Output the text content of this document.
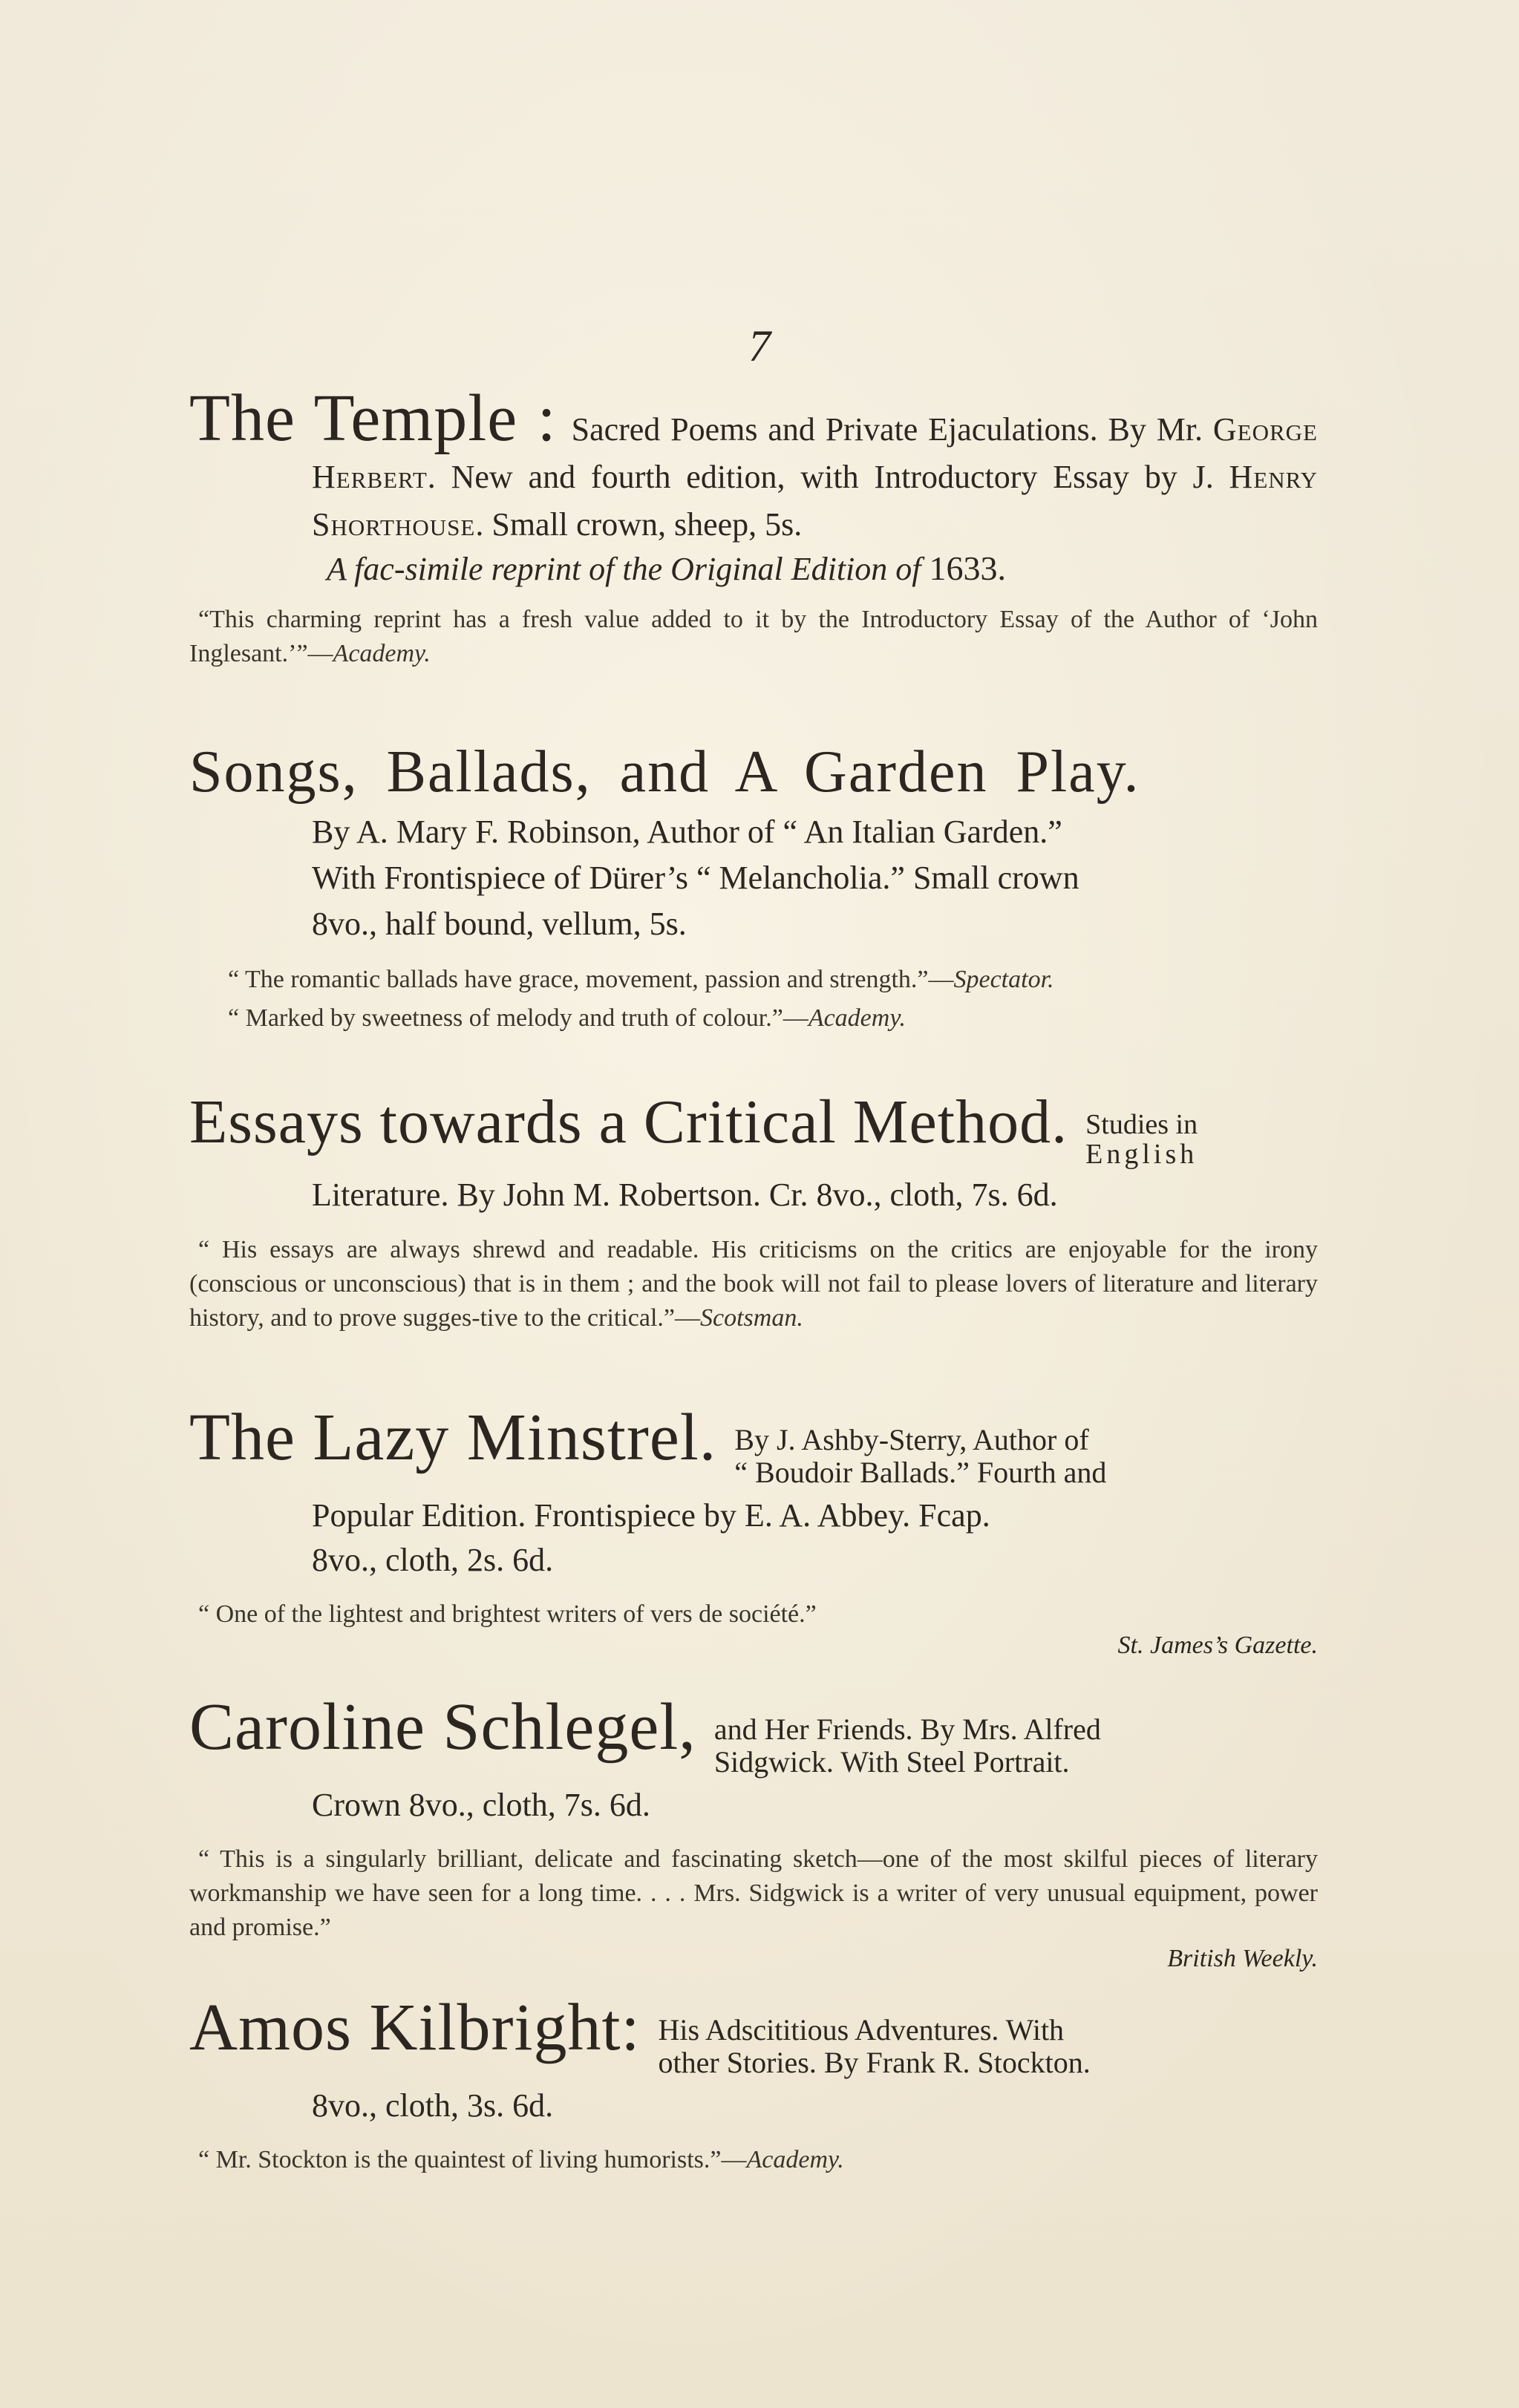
7
The Temple : Sacred Poems and Private Ejaculations. By Mr. George Herbert. New and fourth edition, with Introductory Essay by J. Henry Shorthouse. Small crown, sheep, 5s.
A fac-simile reprint of the Original Edition of 1633.

“This charming reprint has a fresh value added to it by the Introductory Essay of the Author of ‘John Inglesant.’”—Academy.

Songs, Ballads, and A Garden Play.
By A. Mary F. Robinson, Author of “ An Italian Garden.”
With Frontispiece of Dürer’s “ Melancholia.” Small crown
8vo., half bound, vellum, 5s.

“ The romantic ballads have grace, movement, passion and strength.”—Spectator.

“ Marked by sweetness of melody and truth of colour.”—Academy.

Essays towards a Critical Method. Studies in
English
Literature. By John M. Robertson. Cr. 8vo., cloth, 7s. 6d.

“ His essays are always shrewd and readable. His criticisms on the critics are enjoyable for the irony (conscious or unconscious) that is in them ; and the book will not fail to please lovers of literature and literary history, and to prove sugges-tive to the critical.”—Scotsman.

The Lazy Minstrel. By J. Ashby-Sterry, Author of
“ Boudoir Ballads.” Fourth and
Popular Edition. Frontispiece by E. A. Abbey. Fcap.
8vo., cloth, 2s. 6d.

“ One of the lightest and brightest writers of vers de société.”

St. James’s Gazette.
Caroline Schlegel, and Her Friends. By Mrs. Alfred
Sidgwick. With Steel Portrait.
Crown 8vo., cloth, 7s. 6d.

“ This is a singularly brilliant, delicate and fascinating sketch—one of the most skilful pieces of literary workmanship we have seen for a long time. . . . Mrs. Sidgwick is a writer of very unusual equipment, power and promise.”

British Weekly.
Amos Kilbright: His Adscititious Adventures. With
other Stories. By Frank R. Stockton.
8vo., cloth, 3s. 6d.

“ Mr. Stockton is the quaintest of living humorists.”—Academy.
